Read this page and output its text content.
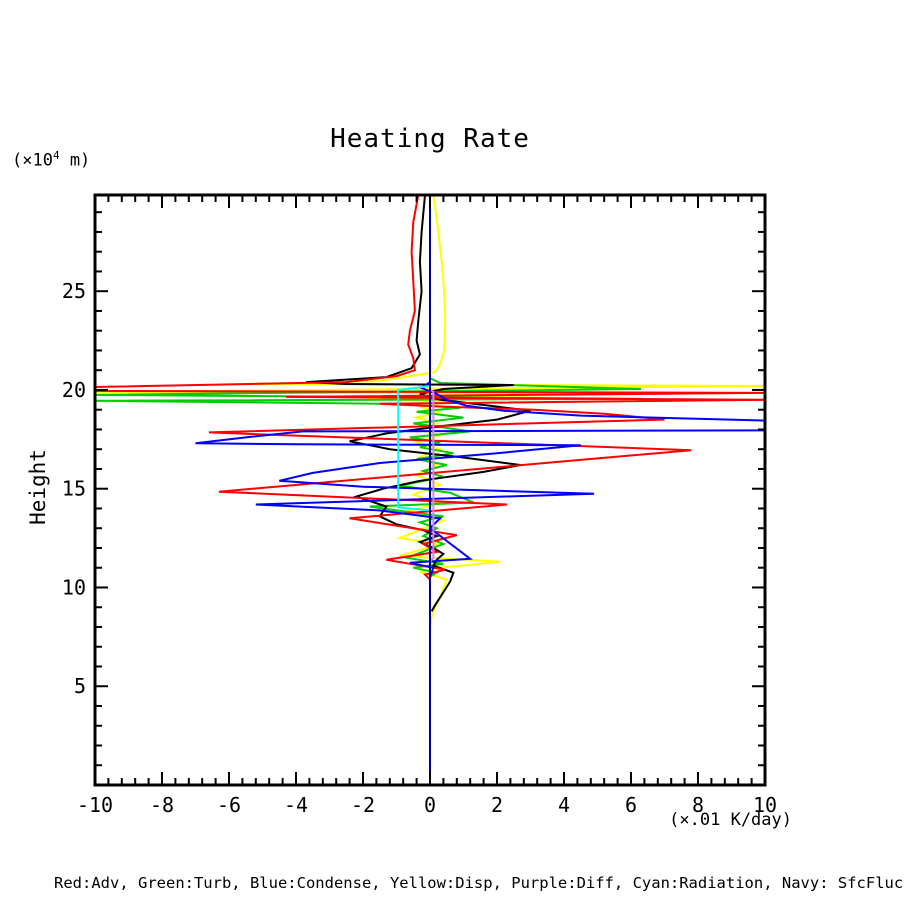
Heating Rate
($\times 10^4$ m)
Height
-10 -8 -6 -4 -2 0	2	4	6	8 10
5
10
15
20
25
(×.01 K/day)
Red:Adv, Green:Turb, Blue:Condense, Yellow:Disp, Purple:Diff, Cyan:Radiation, Navy: SfcFluc
